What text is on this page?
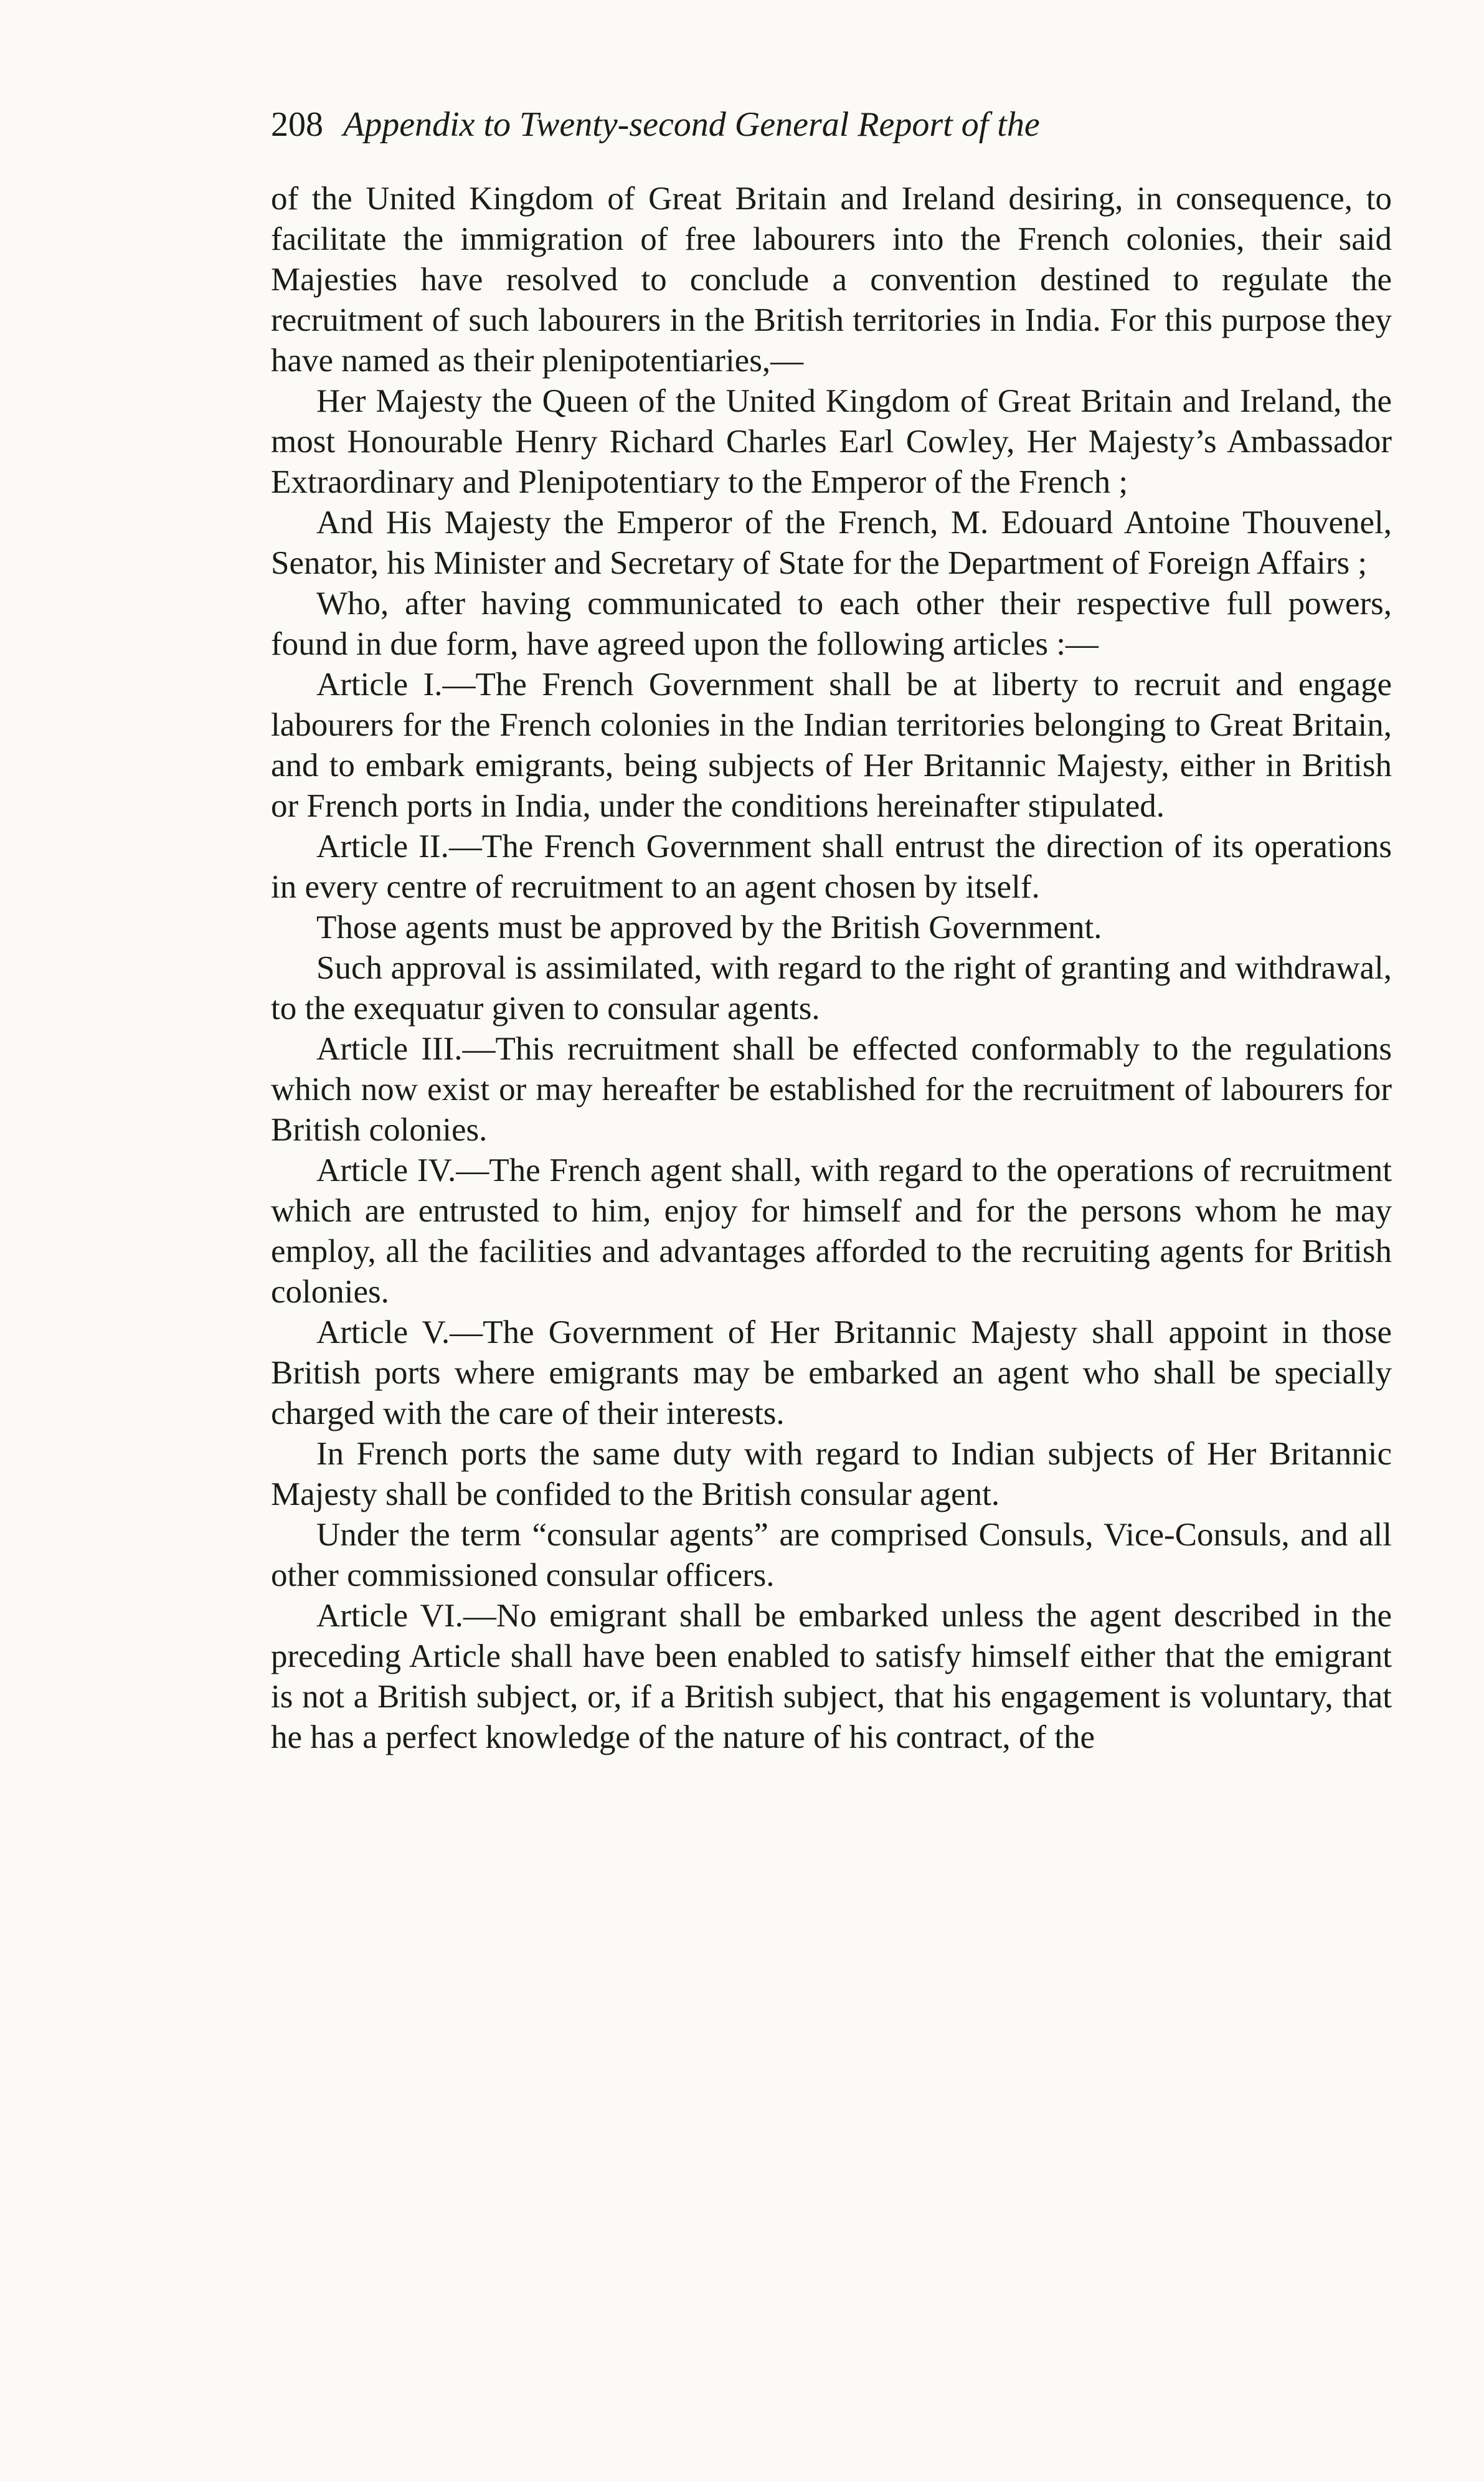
208 Appendix to Twenty-second General Report of the

of the United Kingdom of Great Britain and Ireland desiring, in consequence, to facilitate the immigration of free labourers into the French colonies, their said Majesties have resolved to conclude a convention destined to regulate the recruitment of such labourers in the British territories in India. For this purpose they have named as their plenipotentiaries,—

Her Majesty the Queen of the United Kingdom of Great Britain and Ireland, the most Honourable Henry Richard Charles Earl Cowley, Her Majesty’s Ambassador Extraordinary and Plenipotentiary to the Emperor of the French ;

And His Majesty the Emperor of the French, M. Edouard Antoine Thouvenel, Senator, his Minister and Secretary of State for the Department of Foreign Affairs ;

Who, after having communicated to each other their respective full powers, found in due form, have agreed upon the following articles :—

Article I.—The French Government shall be at liberty to recruit and engage labourers for the French colonies in the Indian territories belonging to Great Britain, and to embark emigrants, being subjects of Her Britannic Majesty, either in British or French ports in India, under the conditions hereinafter stipulated.

Article II.—The French Government shall entrust the direction of its operations in every centre of recruitment to an agent chosen by itself.

Those agents must be approved by the British Government.

Such approval is assimilated, with regard to the right of granting and withdrawal, to the exequatur given to consular agents.

Article III.—This recruitment shall be effected conformably to the regulations which now exist or may hereafter be established for the recruitment of labourers for British colonies.

Article IV.—The French agent shall, with regard to the operations of recruitment which are entrusted to him, enjoy for himself and for the persons whom he may employ, all the facilities and advantages afforded to the recruiting agents for British colonies.

Article V.—The Government of Her Britannic Majesty shall appoint in those British ports where emigrants may be embarked an agent who shall be specially charged with the care of their interests.

In French ports the same duty with regard to Indian subjects of Her Britannic Majesty shall be confided to the British consular agent.

Under the term “consular agents” are comprised Consuls, Vice-Consuls, and all other commissioned consular officers.

Article VI.—No emigrant shall be embarked unless the agent described in the preceding Article shall have been enabled to satisfy himself either that the emigrant is not a British subject, or, if a British subject, that his engagement is voluntary, that he has a perfect knowledge of the nature of his contract, of the
